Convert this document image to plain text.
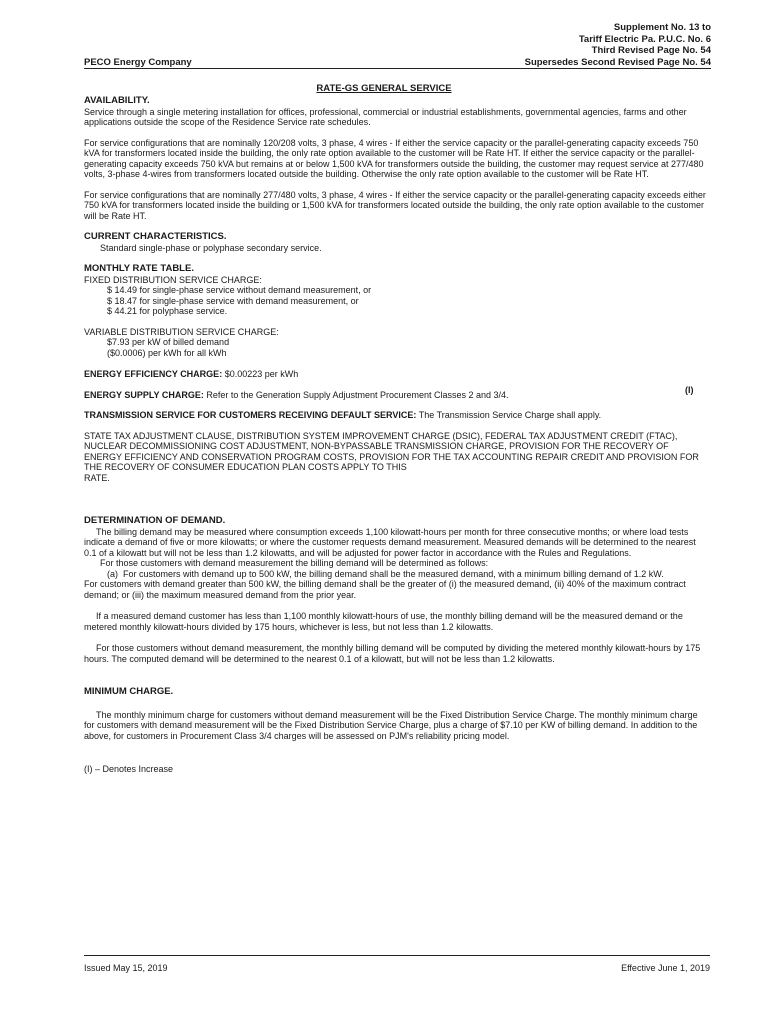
Supplement No. 13 to
Tariff Electric Pa. P.U.C. No. 6
Third Revised Page No. 54
PECO Energy Company	Supersedes Second Revised Page No. 54
RATE-GS GENERAL SERVICE

AVAILABILITY.

Service through a single metering installation for offices, professional, commercial or industrial establishments, governmental agencies, farms and other applications outside the scope of the Residence Service rate schedules.

For service configurations that are nominally 120/208 volts, 3 phase, 4 wires - If either the service capacity or the parallel-generating capacity exceeds 750 kVA for transformers located inside the building, the only rate option available to the customer will be Rate HT. If either the service capacity or the parallel-generating capacity exceeds 750 kVA but remains at or below 1,500 kVA for transformers outside the building, the customer may request service at 277/480 volts, 3-phase 4-wires from transformers located outside the building. Otherwise the only rate option available to the customer will be Rate HT.

For service configurations that are nominally 277/480 volts, 3 phase, 4 wires - If either the service capacity or the parallel-generating capacity exceeds either 750 kVA for transformers located inside the building or 1,500 kVA for transformers located outside the building, the only rate option available to the customer will be Rate HT.

CURRENT CHARACTERISTICS.

Standard single-phase or polyphase secondary service.

MONTHLY RATE TABLE.

FIXED DISTRIBUTION SERVICE CHARGE:

$ 14.49 for single-phase service without demand measurement, or

$ 18.47 for single-phase service with demand measurement, or

$ 44.21 for polyphase service.

VARIABLE DISTRIBUTION SERVICE CHARGE:

$7.93 per kW of billed demand

($0.0006) per kWh for all kWh

ENERGY EFFICIENCY CHARGE: $0.00223 per kWh

ENERGY SUPPLY CHARGE: Refer to the Generation Supply Adjustment Procurement Classes 2 and 3/4.

TRANSMISSION SERVICE FOR CUSTOMERS RECEIVING DEFAULT SERVICE: The Transmission Service Charge shall apply.

STATE TAX ADJUSTMENT CLAUSE, DISTRIBUTION SYSTEM IMPROVEMENT CHARGE (DSIC), FEDERAL TAX ADJUSTMENT CREDIT (FTAC), NUCLEAR DECOMMISSIONING COST ADJUSTMENT, NON-BYPASSABLE TRANSMISSION CHARGE, PROVISION FOR THE RECOVERY OF ENERGY EFFICIENCY AND CONSERVATION PROGRAM COSTS, PROVISION FOR THE TAX ACCOUNTING REPAIR CREDIT AND PROVISION FOR THE RECOVERY OF CONSUMER EDUCATION PLAN COSTS APPLY TO THIS

RATE.

DETERMINATION OF DEMAND.

The billing demand may be measured where consumption exceeds 1,100 kilowatt-hours per month for three consecutive months; or where load tests indicate a demand of five or more kilowatts; or where the customer requests demand measurement. Measured demands will be determined to the nearest 0.1 of a kilowatt but will not be less than 1.2 kilowatts, and will be adjusted for power factor in accordance with the Rules and Regulations.

For those customers with demand measurement the billing demand will be determined as follows:

(a) For customers with demand up to 500 kW, the billing demand shall be the measured demand, with a minimum billing demand of 1.2 kW.

For customers with demand greater than 500 kW, the billing demand shall be the greater of (i) the measured demand, (ii) 40% of the maximum contract demand; or (iii) the maximum measured demand from the prior year.

If a measured demand customer has less than 1,100 monthly kilowatt-hours of use, the monthly billing demand will be the measured demand or the metered monthly kilowatt-hours divided by 175 hours, whichever is less, but not less than 1.2 kilowatts.

For those customers without demand measurement, the monthly billing demand will be computed by dividing the metered monthly kilowatt-hours by 175 hours. The computed demand will be determined to the nearest 0.1 of a kilowatt, but will not be less than 1.2 kilowatts.

MINIMUM CHARGE.

The monthly minimum charge for customers without demand measurement will be the Fixed Distribution Service Charge. The monthly minimum charge for customers with demand measurement will be the Fixed Distribution Service Charge, plus a charge of $7.10 per KW of billing demand. In addition to the above, for customers in Procurement Class 3/4 charges will be assessed on PJM's reliability pricing model.

(I) – Denotes Increase

(I)
Issued May 15, 2019	Effective June 1, 2019
